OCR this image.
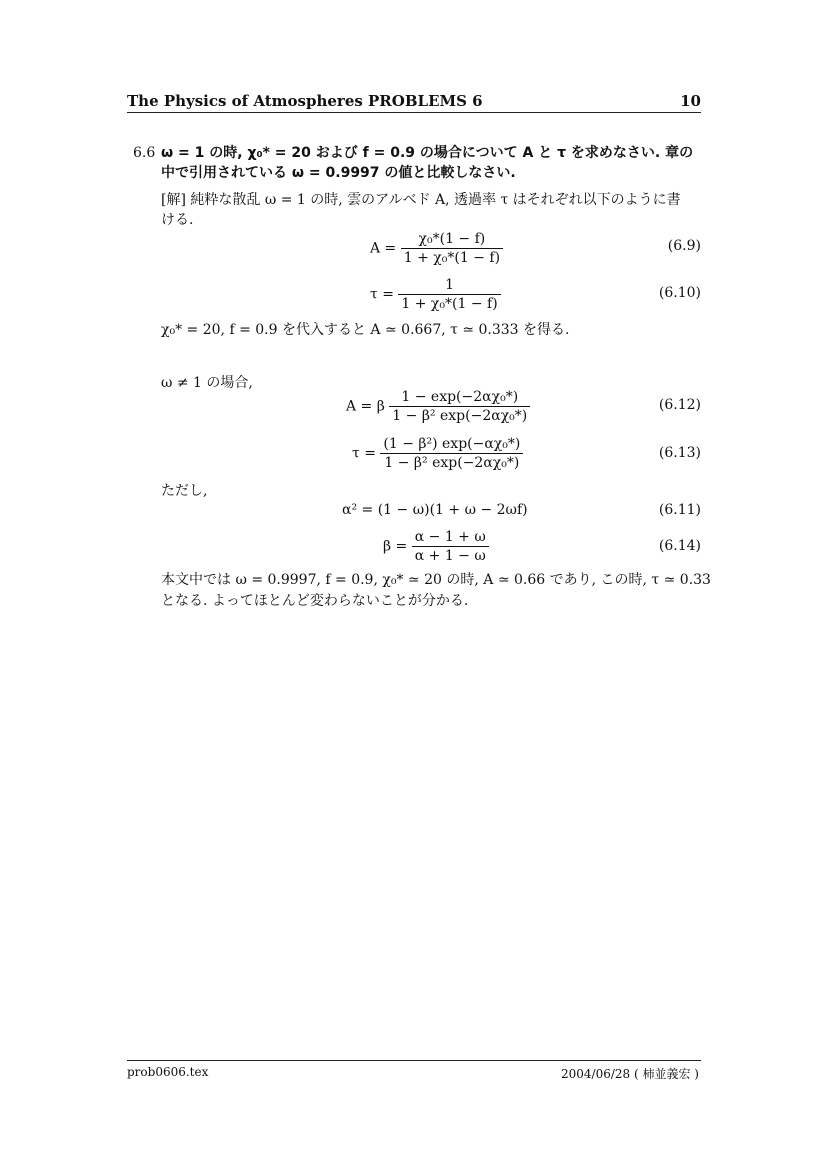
The Physics of Atmospheres PROBLEMS 6	10
6.6 ω = 1 の時, χ₀* = 20 および f = 0.9 の場合について A と τ を求めなさい. 章の
中で引用されている ω = 0.9997 の値と比較しなさい.
[解] 純粋な散乱 ω = 1 の時, 雲のアルベド A, 透過率 τ はそれぞれ以下のように書
ける.
$A = \frac{\text{χ₀*(1 − f)}}{\text{1 + χ₀*(1 − f)}}$	(6.9)
$\tau = \frac{1}{\text{1 + χ₀*(1 − f)}}$	(6.10)
χ₀* = 20, f = 0.9 を代入すると A ≃ 0.667, τ ≃ 0.333 を得る.
ω ≠ 1 の場合,
A = β $\frac{\text{1 − exp(−2αχ₀*)}}{\text{1 − β² exp(−2αχ₀*)}}$	(6.12)
$\tau = \frac{\text{(1 − β²) exp(−αχ₀*)}}{\text{1 − β² exp(−2αχ₀*)}}$	(6.13)
ただし,
α² = (1 − ω)(1 + ω − 2ωf)	(6.11)
$\beta = \frac{\alpha - 1 + \omega}{\alpha + 1 - \omega}$	(6.14)
本文中では ω = 0.9997, f = 0.9, χ₀* ≃ 20 の時, A ≃ 0.66 であり, この時, τ ≃ 0.33
となる. よってほとんど変わらないことが分かる.
prob0606.tex	2004/06/28 ( 柿並義宏 )
